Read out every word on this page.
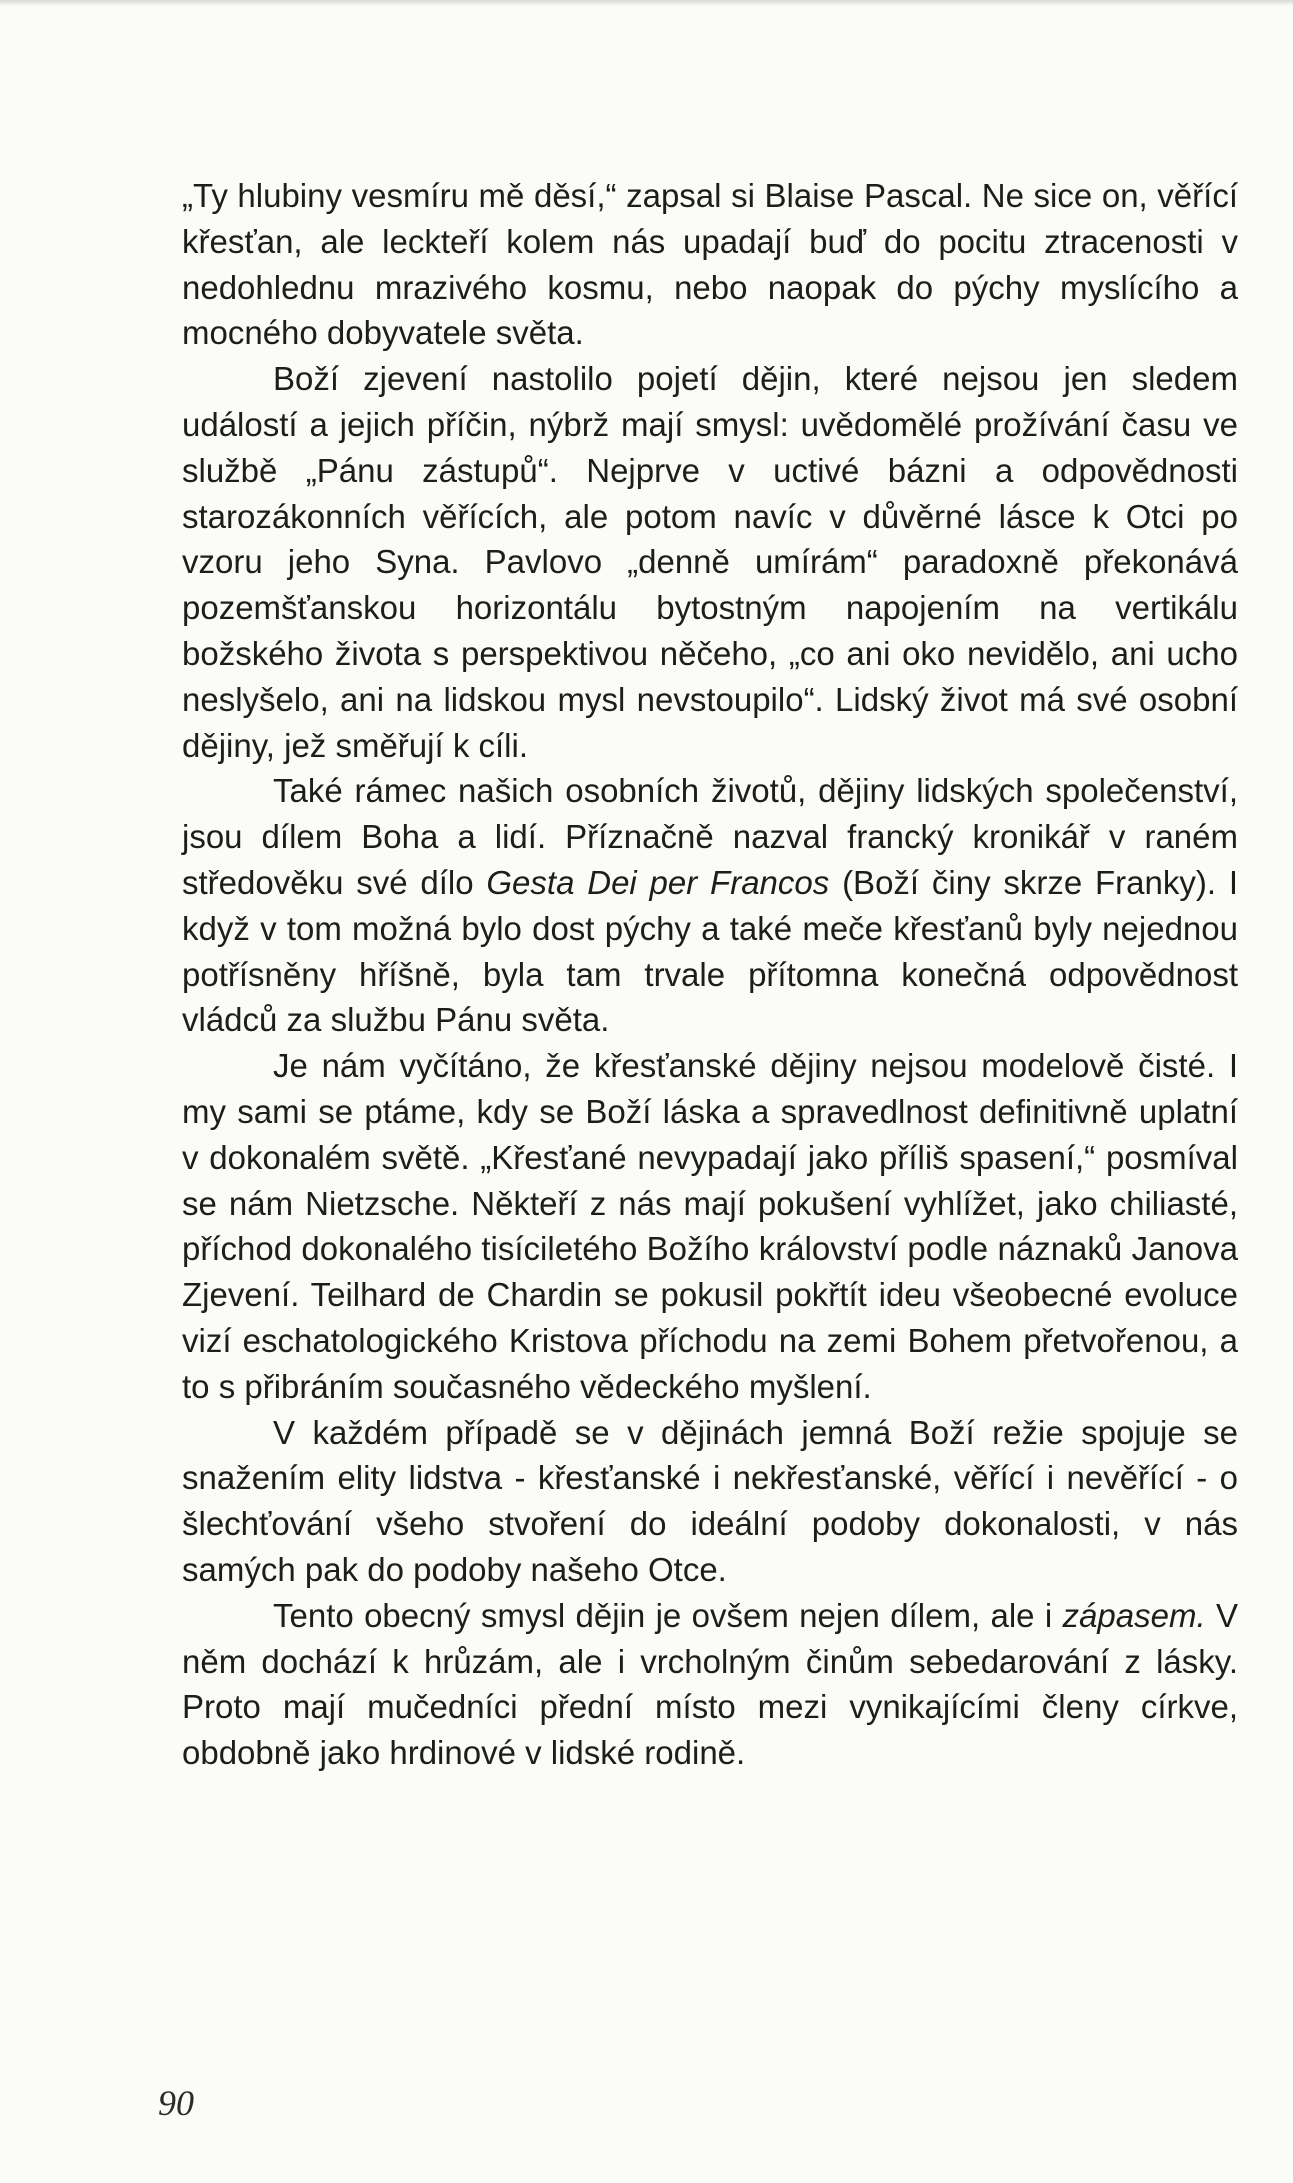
„Ty hlubiny vesmíru mě děsí,“ zapsal si Blaise Pascal. Ne sice on, věřící křesťan, ale leckteří kolem nás upadají buď do pocitu ztracenosti v nedohlednu mrazivého kosmu, nebo naopak do pýchy myslícího a mocného dobyvatele světa.

Boží zjevení nastolilo pojetí dějin, které nejsou jen sledem událostí a jejich příčin, nýbrž mají smysl: uvědomělé prožívání času ve službě „Pánu zástupů“. Nejprve v uctivé bázni a odpovědnosti starozákonních věřících, ale potom navíc v důvěrné lásce k Otci po vzoru jeho Syna. Pavlovo „denně umírám“ paradoxně překonává pozemšťanskou horizontálu bytostným napojením na vertikálu božského života s perspektivou něčeho, „co ani oko nevidělo, ani ucho neslyšelo, ani na lidskou mysl nevstoupilo“. Lidský život má své osobní dějiny, jež směřují k cíli.

Také rámec našich osobních životů, dějiny lidských společenství, jsou dílem Boha a lidí. Příznačně nazval francký kronikář v raném středověku své dílo Gesta Dei per Francos (Boží činy skrze Franky). I když v tom možná bylo dost pýchy a také meče křesťanů byly nejednou potřísněny hříšně, byla tam trvale přítomna konečná odpovědnost vládců za službu Pánu světa.

Je nám vyčítáno, že křesťanské dějiny nejsou modelově čisté. I my sami se ptáme, kdy se Boží láska a spravedlnost definitivně uplatní v dokonalém světě. „Křesťané nevypadají jako příliš spasení,“ posmíval se nám Nietzsche. Někteří z nás mají pokušení vyhlížet, jako chiliasté, příchod dokonalého tisíciletého Božího království podle náznaků Janova Zjevení. Teilhard de Chardin se pokusil pokřtít ideu všeobecné evoluce vizí eschatologického Kristova příchodu na zemi Bohem přetvořenou, a to s přibráním současného vědeckého myšlení.

V každém případě se v dějinách jemná Boží režie spojuje se snažením elity lidstva - křesťanské i nekřesťanské, věřící i nevěřící - o šlechťování všeho stvoření do ideální podoby dokonalosti, v nás samých pak do podoby našeho Otce.

Tento obecný smysl dějin je ovšem nejen dílem, ale i zápasem. V něm dochází k hrůzám, ale i vrcholným činům sebedarování z lásky. Proto mají mučedníci přední místo mezi vynikajícími členy církve, obdobně jako hrdinové v lidské rodině.

90
